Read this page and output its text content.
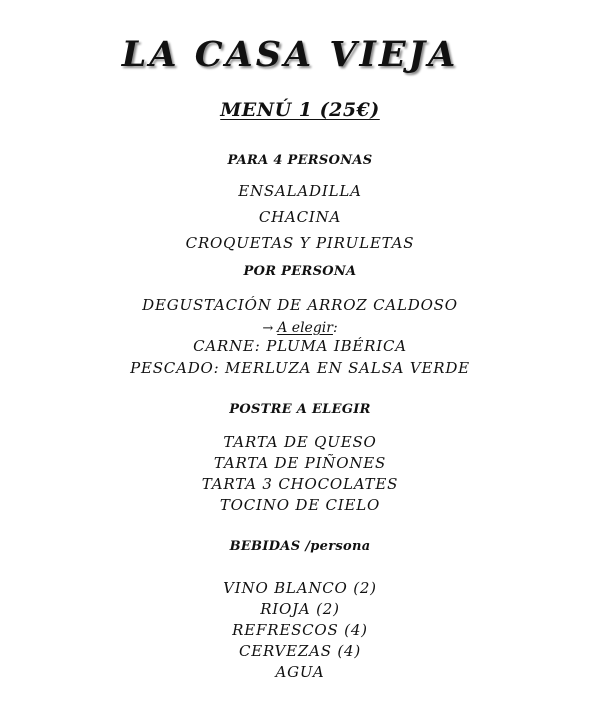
LA CASA VIEJA
MENÚ 1 (25€)
PARA 4 PERSONAS
ENSALADILLA
CHACINA
CROQUETAS Y PIRULETAS
POR PERSONA
DEGUSTACIÓN DE ARROZ CALDOSO
→ A elegir:
CARNE: PLUMA IBÉRICA
PESCADO: MERLUZA EN SALSA VERDE
POSTRE A ELEGIR
TARTA DE QUESO
TARTA DE PIÑONES
TARTA 3 CHOCOLATES
TOCINO DE CIELO
BEBIDAS /persona
VINO BLANCO (2)
RIOJA (2)
REFRESCOS (4)
CERVEZAS (4)
AGUA
